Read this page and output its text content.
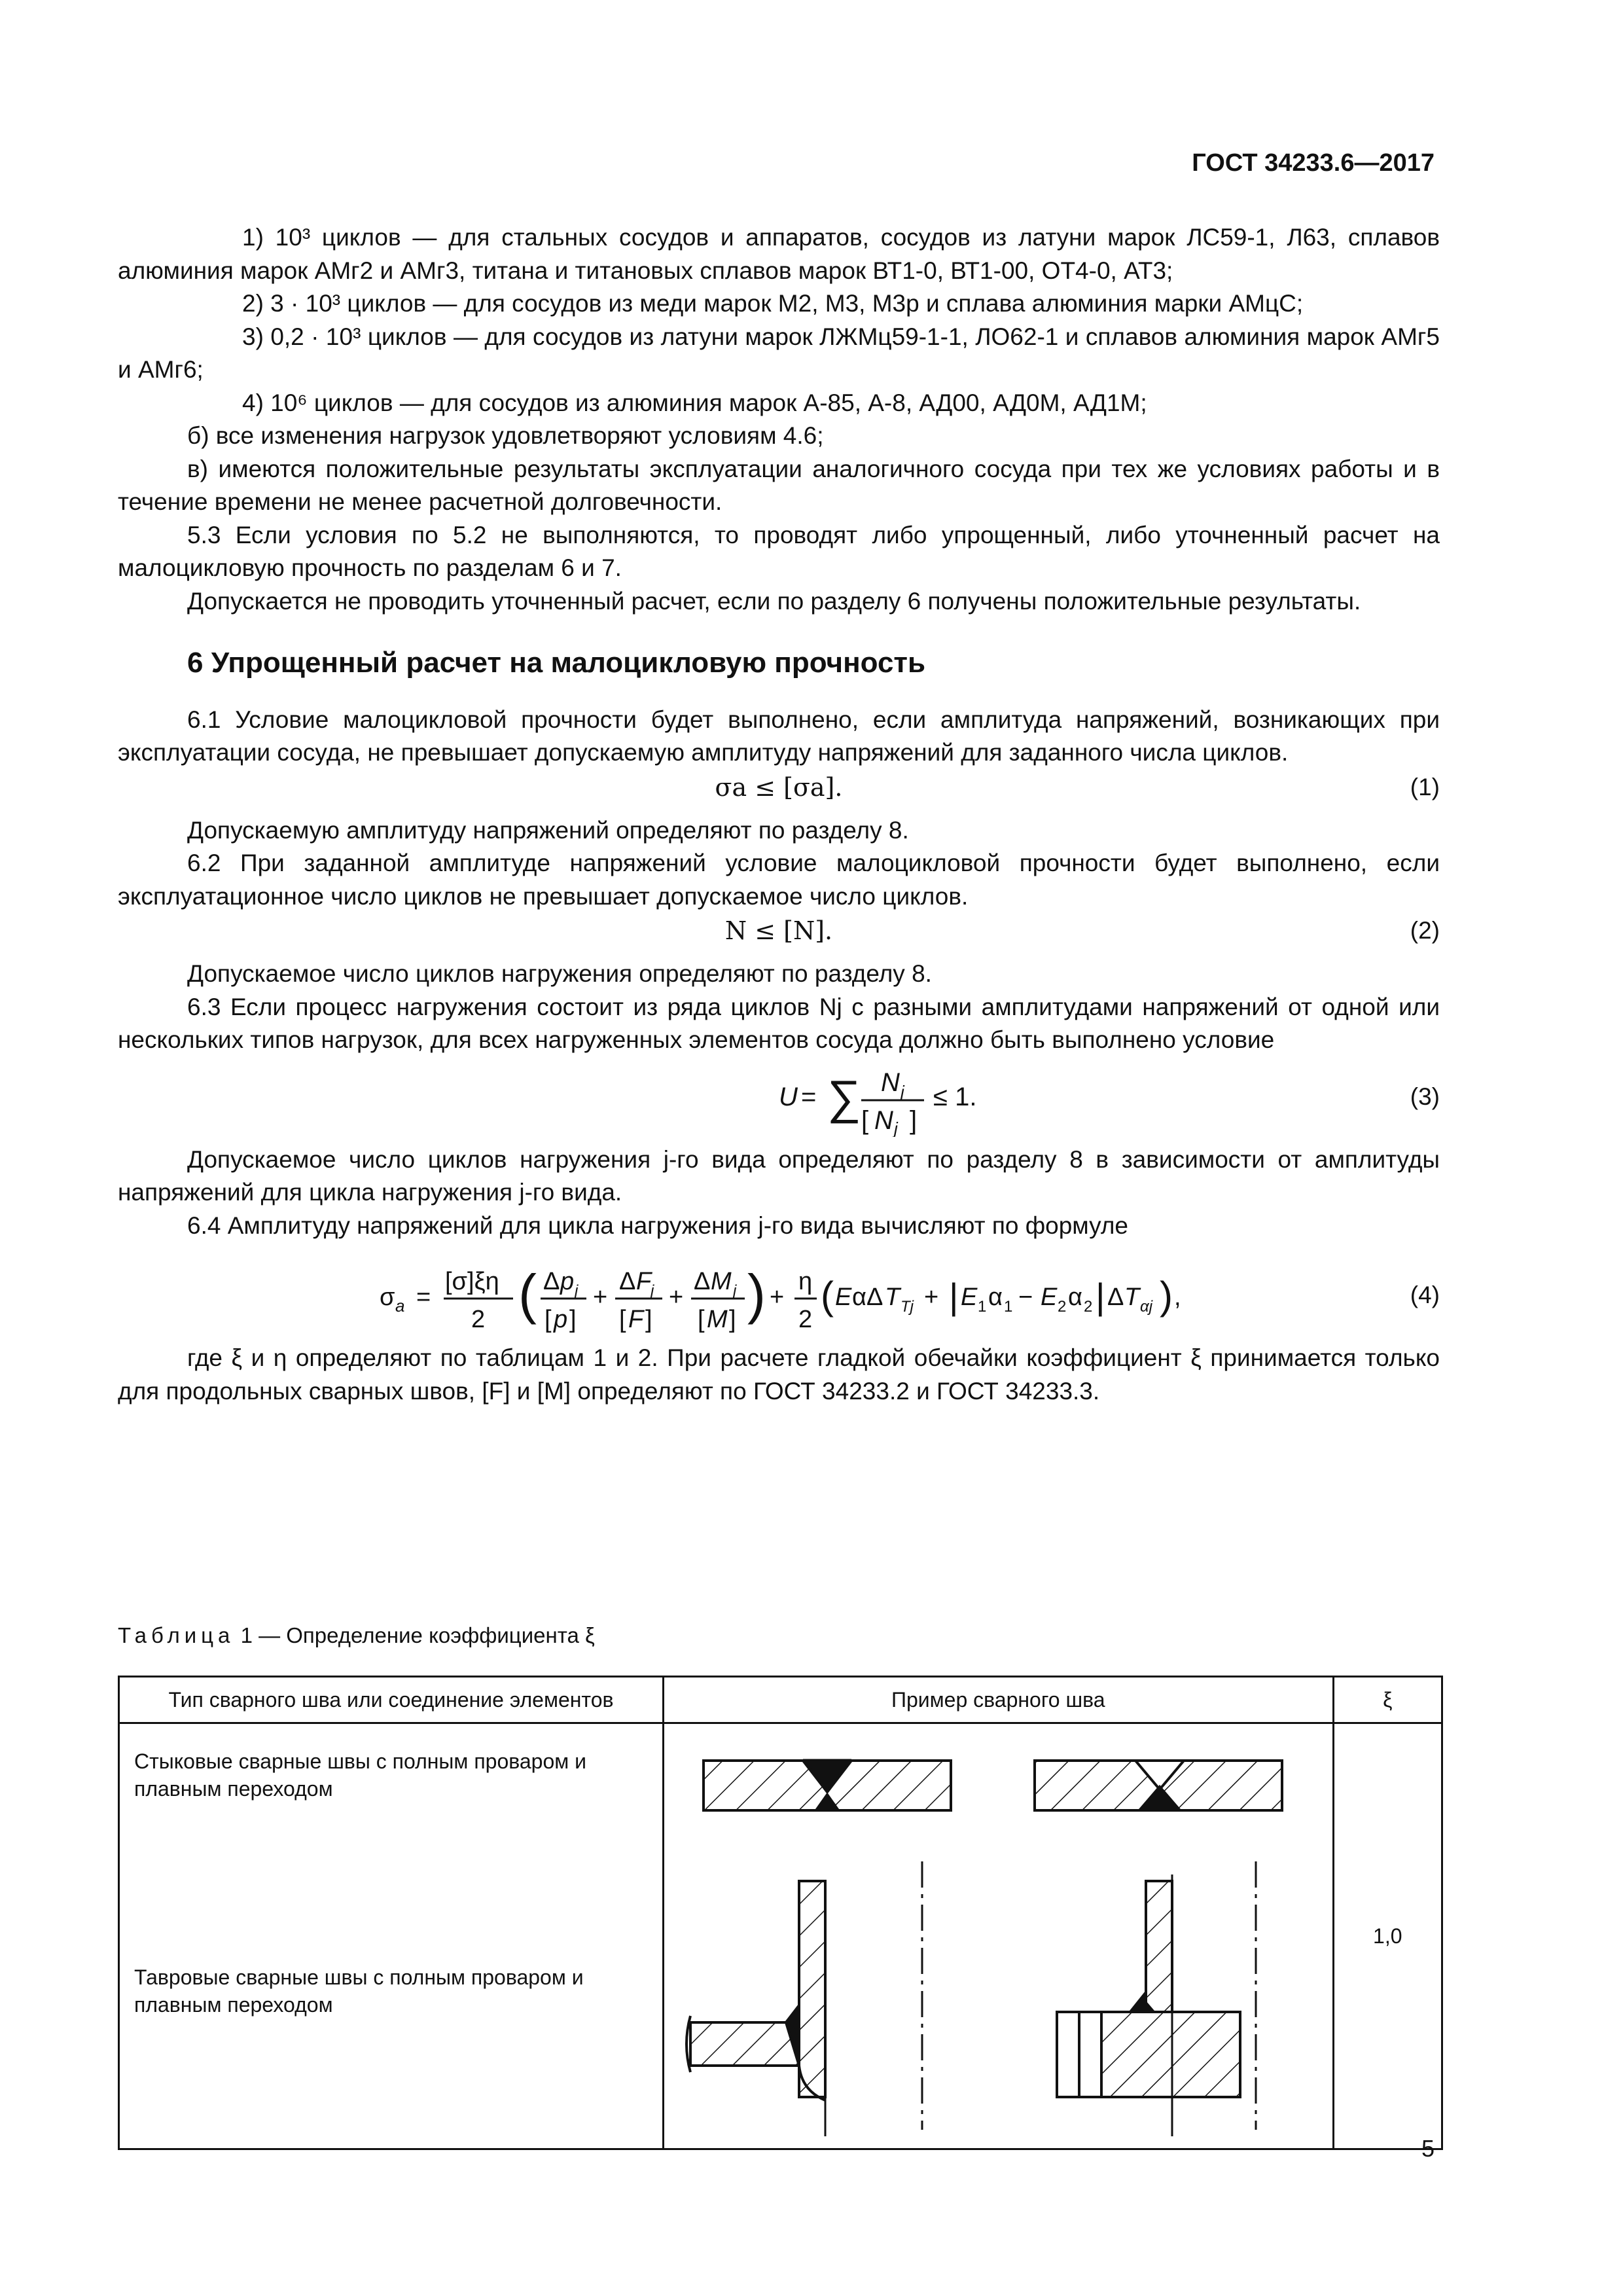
ГОСТ 34233.6—2017

1) 10³ циклов — для стальных сосудов и аппаратов, сосудов из латуни марок ЛС59-1, Л63, сплавов алюминия марок АМг2 и АМг3, титана и титановых сплавов марок ВТ1-0, ВТ1-00, ОТ4-0, АТ3;

2) 3 · 10³ циклов — для сосудов из меди марок М2, М3, М3р и сплава алюминия марки АМцС;

3) 0,2 · 10³ циклов — для сосудов из латуни марок ЛЖМц59-1-1, ЛО62-1 и сплавов алюминия марок АМг5 и АМг6;

4) 10⁶ циклов — для сосудов из алюминия марок А-85, А-8, АД00, АД0М, АД1М;

б) все изменения нагрузок удовлетворяют условиям 4.6;

в) имеются положительные результаты эксплуатации аналогичного сосуда при тех же условиях работы и в течение времени не менее расчетной долговечности.

5.3 Если условия по 5.2 не выполняются, то проводят либо упрощенный, либо уточненный расчет на малоцикловую прочность по разделам 6 и 7.

Допускается не проводить уточненный расчет, если по разделу 6 получены положительные результаты.

6 Упрощенный расчет на малоцикловую прочность

6.1 Условие малоцикловой прочности будет выполнено, если амплитуда напряжений, возникающих при эксплуатации сосуда, не превышает допускаемую амплитуду напряжений для заданного числа циклов.

σa ≤ [σa].	(1)

Допускаемую амплитуду напряжений определяют по разделу 8.

6.2 При заданной амплитуде напряжений условие малоцикловой прочности будет выполнено, если эксплуатационное число циклов не превышает допускаемое число циклов.

N ≤ [N].	(2)

Допускаемое число циклов нагружения определяют по разделу 8.

6.3 Если процесс нагружения состоит из ряда циклов Nj с разными амплитудами напряжений от одной или нескольких типов нагрузок, для всех нагруженных элементов сосуда должно быть выполнено условие

U = ∑ N j
[ N j ]
≤ 1.	(3)

Допускаемое число циклов нагружения j-го вида определяют по разделу 8 в зависимости от амплитуды напряжений для цикла нагружения j-го вида.

6.4 Амплитуду напряжений для цикла нагружения j-го вида вычисляют по формуле

σ a =
[σ]ξη
2 ( Δ p j
[ p ]
+
Δ F
j
[ F ]
+
Δ M j
[ M ] ) +
η
2
( E αΔ T Tj + | E 1 α 1 − E 2 α 2 | Δ T αj ) ,	(4)

где ξ и η определяют по таблицам 1 и 2. При расчете гладкой обечайки коэффициент ξ принимается только для продольных сварных швов, [F] и [M] определяют по ГОСТ 34233.2 и ГОСТ 34233.3.

Таблица 1 — Определение коэффициента ξ
Тип сварного шва или соединение элементов	Пример сварного шва	ξ

Стыковые сварные швы с полным проваром и плавным переходом
Тавровые сварные швы с полным проваром и плавным переходом		1,0
5
